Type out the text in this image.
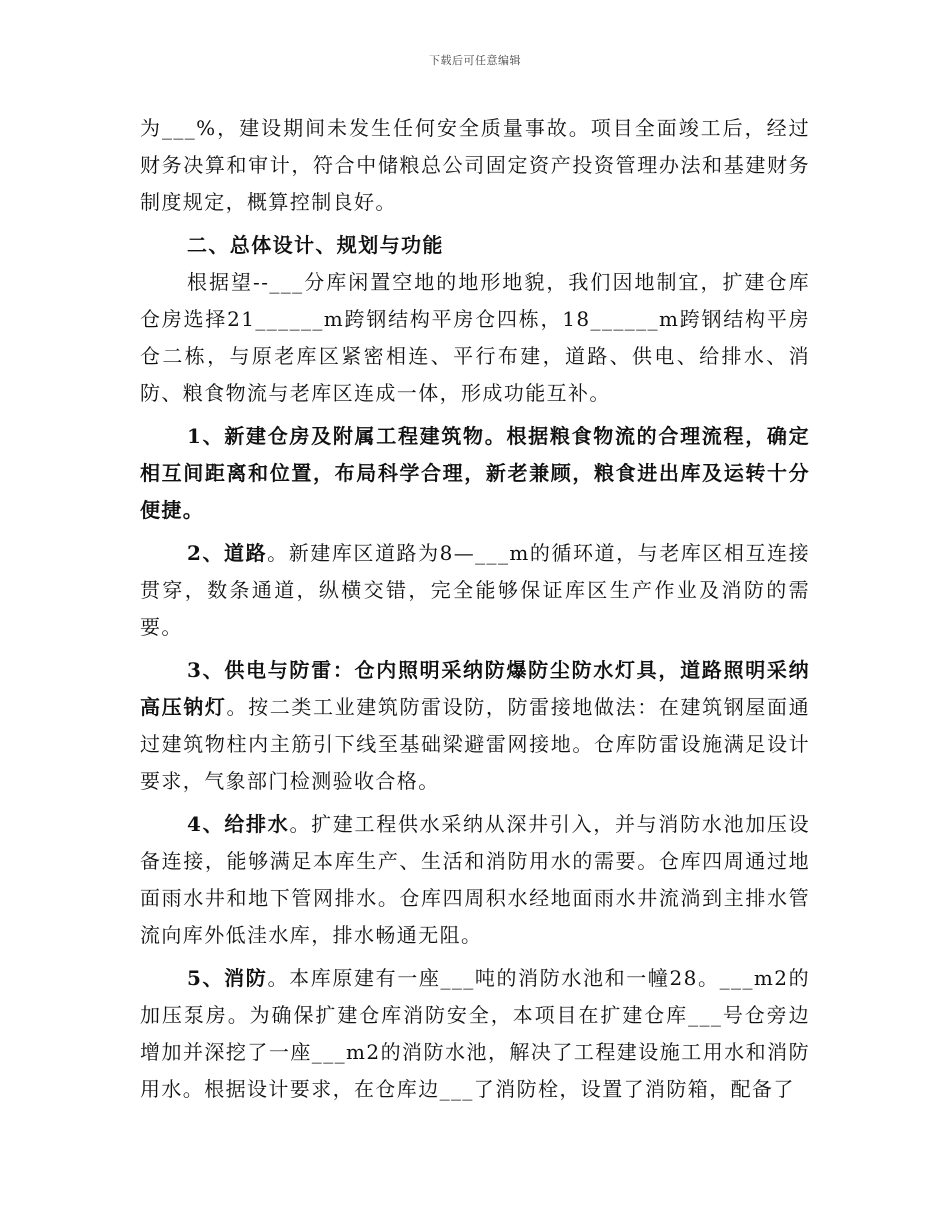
下载后可任意编辑

为___%，建设期间未发生任何安全质量事故。项目全面竣工后，经过财务决算和审计，符合中储粮总公司固定资产投资管理办法和基建财务制度规定，概算控制良好。

二、总体设计、规划与功能

根据望--___分库闲置空地的地形地貌，我们因地制宜，扩建仓库仓房选择21______m跨钢结构平房仓四栋，18______m跨钢结构平房仓二栋，与原老库区紧密相连、平行布建，道路、供电、给排水、消防、粮食物流与老库区连成一体，形成功能互补。

1、新建仓房及附属工程建筑物。根据粮食物流的合理流程，确定相互间距离和位置，布局科学合理，新老兼顾，粮食进出库及运转十分便捷。

2、道路。新建库区道路为8—___m的循环道，与老库区相互连接贯穿，数条通道，纵横交错，完全能够保证库区生产作业及消防的需要。

3、供电与防雷：仓内照明采纳防爆防尘防水灯具，道路照明采纳高压钠灯。按二类工业建筑防雷设防，防雷接地做法：在建筑钢屋面通过建筑物柱内主筋引下线至基础梁避雷网接地。仓库防雷设施满足设计要求，气象部门检测验收合格。

4、给排水。扩建工程供水采纳从深井引入，并与消防水池加压设备连接，能够满足本库生产、生活和消防用水的需要。仓库四周通过地面雨水井和地下管网排水。仓库四周积水经地面雨水井流淌到主排水管流向库外低洼水库，排水畅通无阻。

5、消防。本库原建有一座___吨的消防水池和一幢28。___m2的加压泵房。为确保扩建仓库消防安全，本项目在扩建仓库___号仓旁边增加并深挖了一座___m2的消防水池，解决了工程建设施工用水和消防用水。根据设计要求，在仓库边___了消防栓，设置了消防箱，配备了
